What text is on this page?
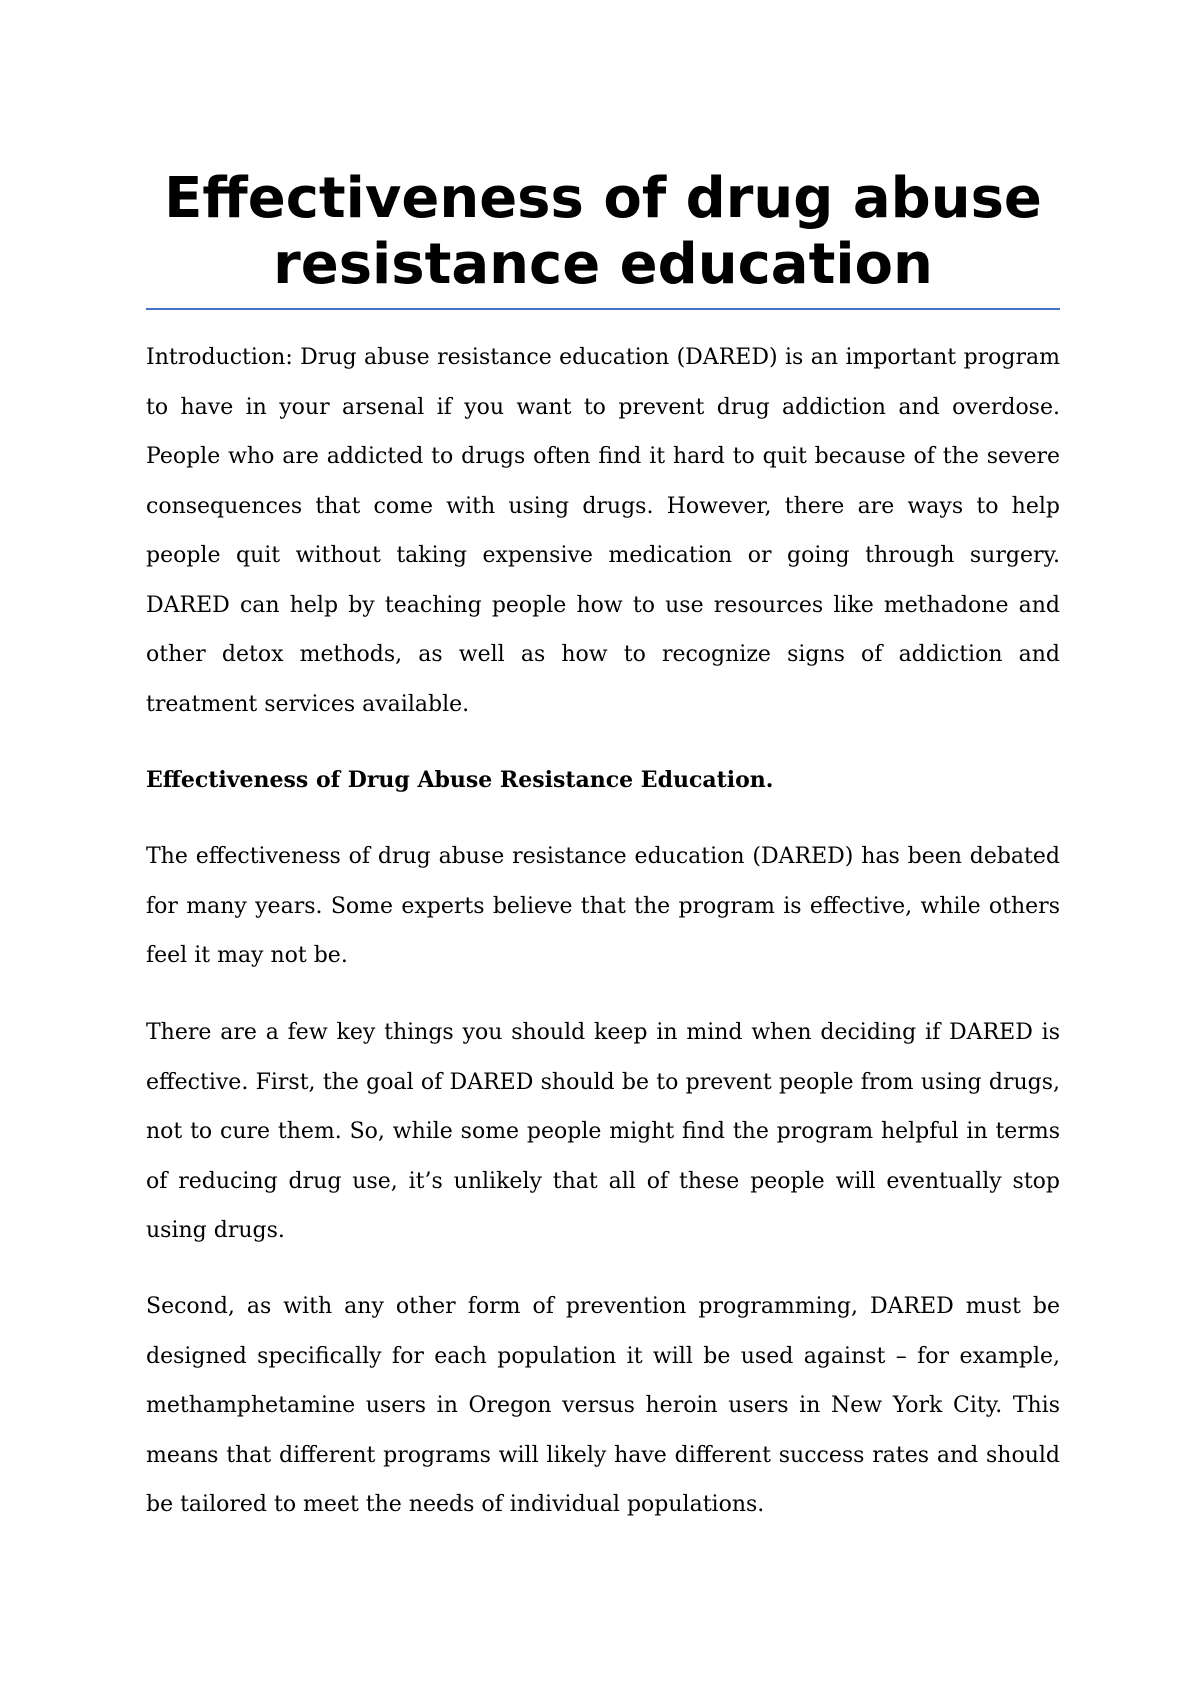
Effectiveness of drug abuse resistance education

Introduction: Drug abuse resistance education (DARED) is an important program to have in your arsenal if you want to prevent drug addiction and overdose. People who are addicted to drugs often find it hard to quit because of the severe consequences that come with using drugs. However, there are ways to help people quit without taking expensive medication or going through surgery. DARED can help by teaching people how to use resources like methadone and other detox methods, as well as how to recognize signs of addiction and treatment services available.

Effectiveness of Drug Abuse Resistance Education.

The effectiveness of drug abuse resistance education (DARED) has been debated for many years. Some experts believe that the program is effective, while others feel it may not be.

There are a few key things you should keep in mind when deciding if DARED is effective. First, the goal of DARED should be to prevent people from using drugs, not to cure them. So, while some people might find the program helpful in terms of reducing drug use, it’s unlikely that all of these people will eventually stop using drugs.

Second, as with any other form of prevention programming, DARED must be designed specifically for each population it will be used against – for example, methamphetamine users in Oregon versus heroin users in New York City. This means that different programs will likely have different success rates and should be tailored to meet the needs of individual populations.
